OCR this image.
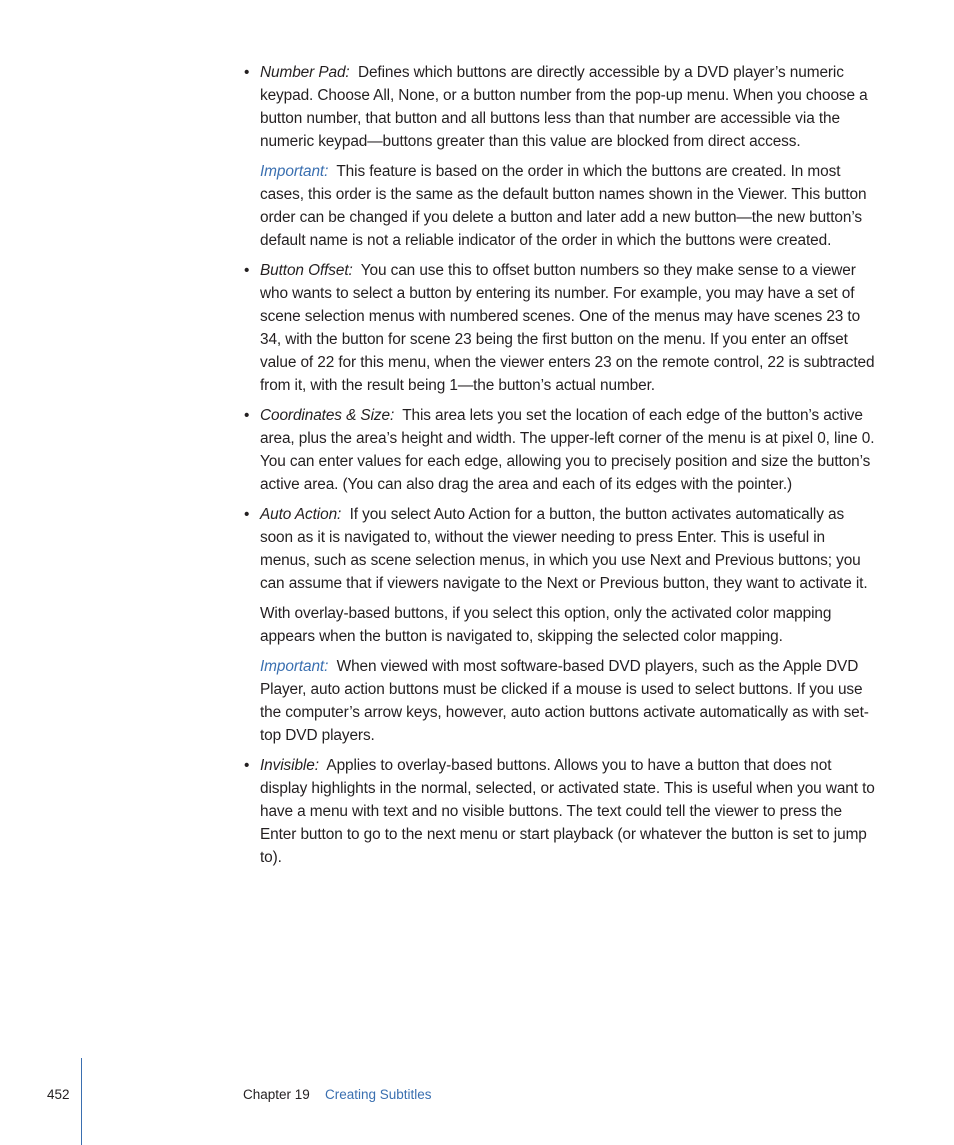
• Number Pad: Defines which buttons are directly accessible by a DVD player’s numeric keypad. Choose All, None, or a button number from the pop-up menu. When you choose a button number, that button and all buttons less than that number are accessible via the numeric keypad—buttons greater than this value are blocked from direct access.

Important: This feature is based on the order in which the buttons are created. In most cases, this order is the same as the default button names shown in the Viewer. This button order can be changed if you delete a button and later add a new button—the new button’s default name is not a reliable indicator of the order in which the buttons were created.

• Button Offset: You can use this to offset button numbers so they make sense to a viewer who wants to select a button by entering its number. For example, you may have a set of scene selection menus with numbered scenes. One of the menus may have scenes 23 to 34, with the button for scene 23 being the first button on the menu. If you enter an offset value of 22 for this menu, when the viewer enters 23 on the remote control, 22 is subtracted from it, with the result being 1—the button’s actual number.

• Coordinates & Size: This area lets you set the location of each edge of the button’s active area, plus the area’s height and width. The upper-left corner of the menu is at pixel 0, line 0. You can enter values for each edge, allowing you to precisely position and size the button’s active area. (You can also drag the area and each of its edges with the pointer.)

• Auto Action: If you select Auto Action for a button, the button activates automatically as soon as it is navigated to, without the viewer needing to press Enter. This is useful in menus, such as scene selection menus, in which you use Next and Previous buttons; you can assume that if viewers navigate to the Next or Previous button, they want to activate it.

With overlay-based buttons, if you select this option, only the activated color mapping appears when the button is navigated to, skipping the selected color mapping.

Important: When viewed with most software-based DVD players, such as the Apple DVD Player, auto action buttons must be clicked if a mouse is used to select buttons. If you use the computer’s arrow keys, however, auto action buttons activate automatically as with set-top DVD players.

• Invisible: Applies to overlay-based buttons. Allows you to have a button that does not display highlights in the normal, selected, or activated state. This is useful when you want to have a menu with text and no visible buttons. The text could tell the viewer to press the Enter button to go to the next menu or start playback (or whatever the button is set to jump to).

452	Chapter 19 Creating Subtitles
